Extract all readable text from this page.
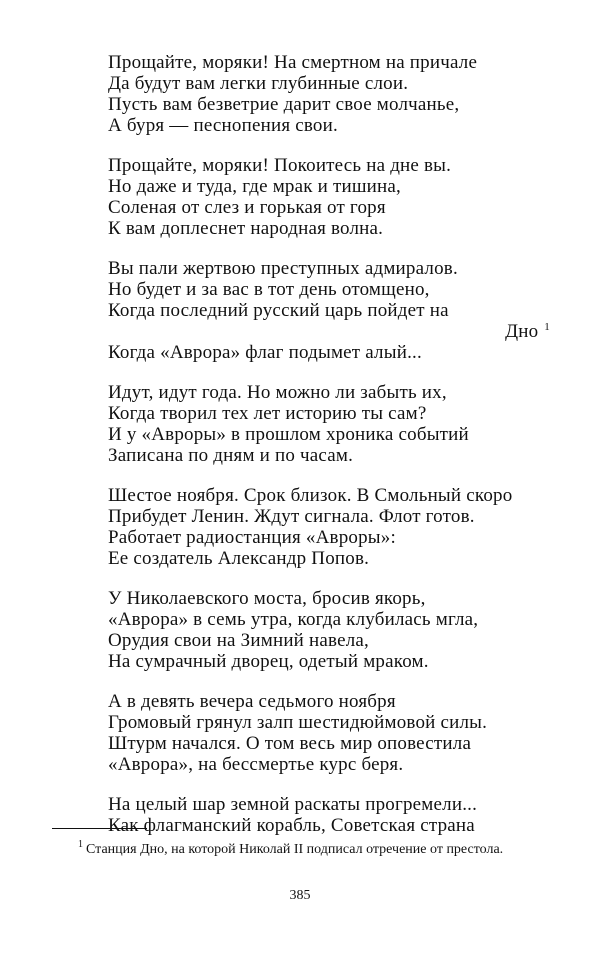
Прощайте, моряки! На смертном на причале
Да будут вам легки глубинные слои.
Пусть вам безветрие дарит свое молчанье,
А буря — песнопения свои.
Прощайте, моряки! Покоитесь на дне вы.
Но даже и туда, где мрак и тишина,
Соленая от слез и горькая от горя
К вам доплеснет народная волна.
Вы пали жертвою преступных адмиралов.
Но будет и за вас в тот день отомщено,
Когда последний русский царь пойдет на
Дно $^1$
Когда «Аврора» флаг подымет алый...
Идут, идут года. Но можно ли забыть их,
Когда творил тех лет историю ты сам?
И у «Авроры» в прошлом хроника событий
Записана по дням и по часам.
Шестое ноября. Срок близок. В Смольный скоро
Прибудет Ленин. Ждут сигнала. Флот готов.
Работает радиостанция «Авроры»:
Ее создатель Александр Попов.
У Николаевского моста, бросив якорь,
«Аврора» в семь утра, когда клубилась мгла,
Орудия свои на Зимний навела,
На сумрачный дворец, одетый мраком.
А в девять вечера седьмого ноября
Громовый грянул залп шестидюймовой силы.
Штурм начался. О том весь мир оповестила
«Аврора», на бессмертье курс беря.
На целый шар земной раскаты прогремели...
Как флагманский корабль, Советская страна
$^1$ Станция Дно, на которой Николай II подписал отречение от престола.
385
